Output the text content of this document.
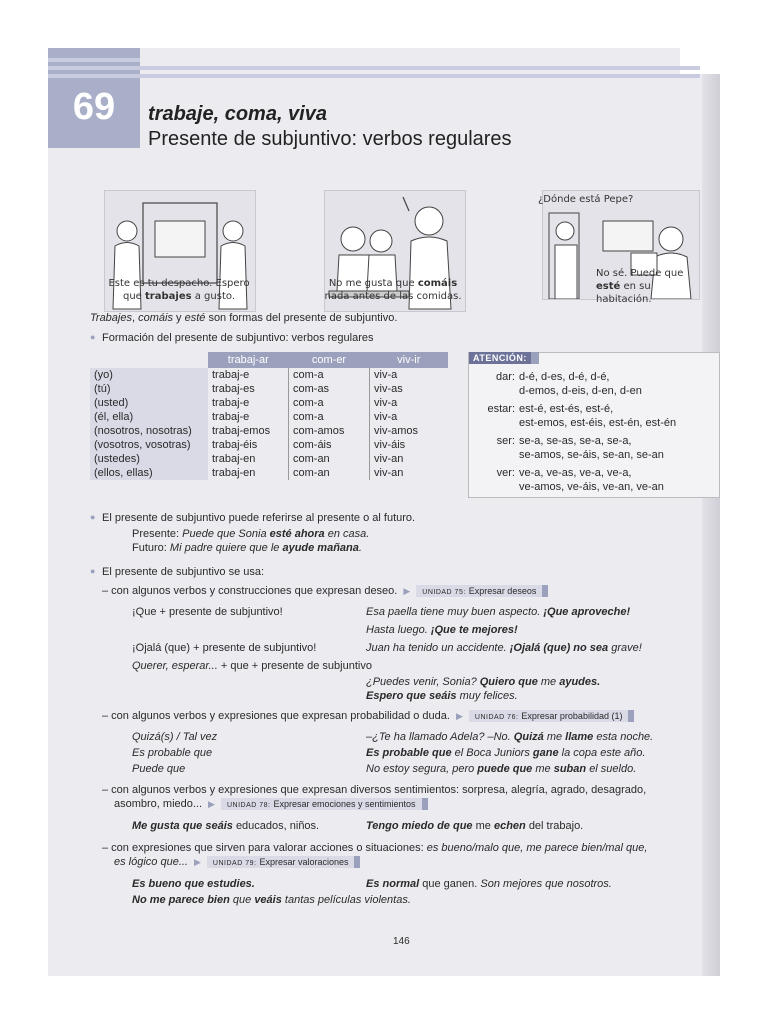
69	trabaje, coma, viva
Presente de subjuntivo: verbos regulares
Este es tu despacho. Espero
que trabajes a gusto.
No me gusta que comáis
nada antes de las comidas.
¿Dónde está Pepe?
No sé. Puede que
esté en su habitación.
Trabajes, comáis y esté son formas del presente de subjuntivo.
● Formación del presente de subjuntivo: verbos regulares
	trabaj-ar	com-er	viv-ir
(yo)	trabaj-e	com-a	viv-a
(tú)	trabaj-es	com-as	viv-as
(usted)	trabaj-e	com-a	viv-a
(él, ella)	trabaj-e	com-a	viv-a
(nosotros, nosotras)	trabaj-emos	com-amos	viv-amos
(vosotros, vosotras)	trabaj-éis	com-áis	viv-áis
(ustedes)	trabaj-en	com-an	viv-an
(ellos, ellas)	trabaj-en	com-an	viv-an
ATENCIÓN:
dar: d-é, d-es, d-é, d-é,
d-emos, d-eis, d-en, d-en
estar: est-é, est-és, est-é,
est-emos, est-éis, est-én, est-én
ser: se-a, se-as, se-a, se-a,
se-amos, se-áis, se-an, se-an
ver: ve-a, ve-as, ve-a, ve-a,
ve-amos, ve-áis, ve-an, ve-an
● El presente de subjuntivo puede referirse al presente o al futuro.
Presente: Puede que Sonia esté ahora en casa.
Futuro: Mi padre quiere que le ayude mañana.
● El presente de subjuntivo se usa:
– con algunos verbos y construcciones que expresan deseo. ▶ UNIDAD 75: Expresar deseos
¡Que + presente de subjuntivo!	Esa paella tiene muy buen aspecto. ¡Que aproveche!
Hasta luego. ¡Que te mejores!
¡Ojalá (que) + presente de subjuntivo!	Juan ha tenido un accidente. ¡Ojalá (que) no sea grave!
Querer, esperar... + que + presente de subjuntivo
¿Puedes venir, Sonia? Quiero que me ayudes.
Espero que seáis muy felices.
– con algunos verbos y expresiones que expresan probabilidad o duda. ▶ UNIDAD 76: Expresar probabilidad (1)
Quizá(s) / Tal vez	–¿Te ha llamado Adela? –No. Quizá me llame esta noche.
Es probable que	Es probable que el Boca Juniors gane la copa este año.
Puede que	No estoy segura, pero puede que me suban el sueldo.
– con algunos verbos y expresiones que expresan diversos sentimientos: sorpresa, alegría, agrado, desagrado,
asombro, miedo... ▶ UNIDAD 78: Expresar emociones y sentimientos
Me gusta que seáis educados, niños.	Tengo miedo de que me echen del trabajo.
– con expresiones que sirven para valorar acciones o situaciones: es bueno/malo que, me parece bien/mal que,
es lógico que... ▶ UNIDAD 79: Expresar valoraciones
Es bueno que estudies.	Es normal que ganen. Son mejores que nosotros.
No me parece bien que veáis tantas películas violentas.
146
